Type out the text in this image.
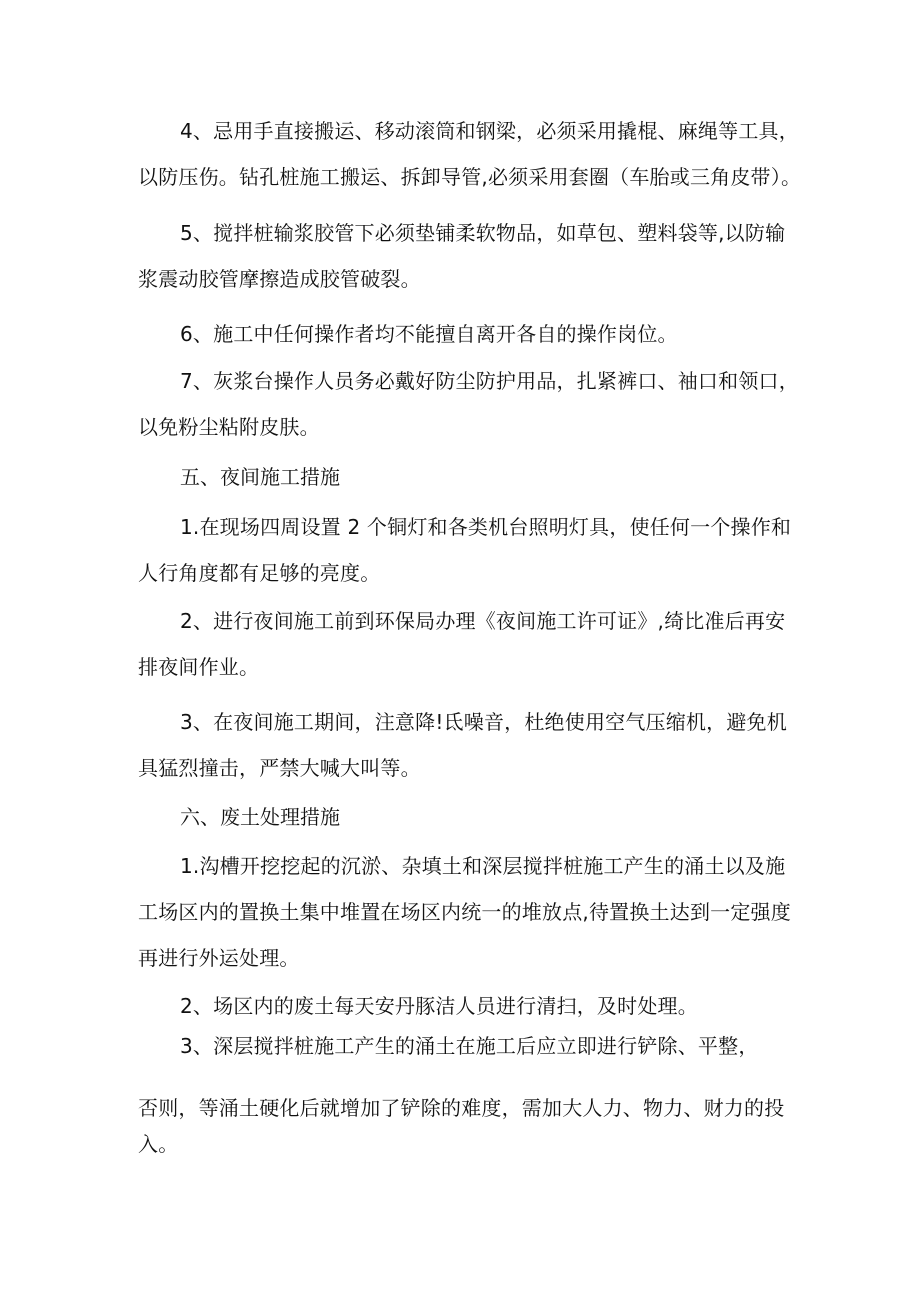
4、忌用手直接搬运、移动滚筒和钢梁，必须采用撬棍、麻绳等工具，
以防压伤。钻孔桩施工搬运、拆卸导管,必须采用套圈（车胎或三角皮带）。
5、搅拌桩输浆胶管下必须垫铺柔软物品，如草包、塑料袋等,以防输
浆震动胶管摩擦造成胶管破裂。
6、施工中任何操作者均不能擅自离开各自的操作岗位。
7、灰浆台操作人员务必戴好防尘防护用品，扎紧裤口、袖口和领口，
以免粉尘粘附皮肤。
五、夜间施工措施
1.在现场四周设置 2 个铜灯和各类机台照明灯具，使任何一个操作和
人行角度都有足够的亮度。
2、进行夜间施工前到环保局办理《夜间施工许可证》,绮比准后再安
排夜间作业。
3、在夜间施工期间，注意降!氐噪音，杜绝使用空气压缩机，避免机
具猛烈撞击，严禁大喊大叫等。
六、废土处理措施
1.沟槽开挖挖起的沉淤、杂填土和深层搅拌桩施工产生的涌土以及施
工场区内的置换土集中堆置在场区内统一的堆放点,待置换土达到一定强度
再进行外运处理。
2、场区内的废土每天安丹豚洁人员进行清扫，及时处理。
3、深层搅拌桩施工产生的涌土在施工后应立即进行铲除、平整，
否则，等涌土硬化后就增加了铲除的难度，需加大人力、物力、财力的投
入。
